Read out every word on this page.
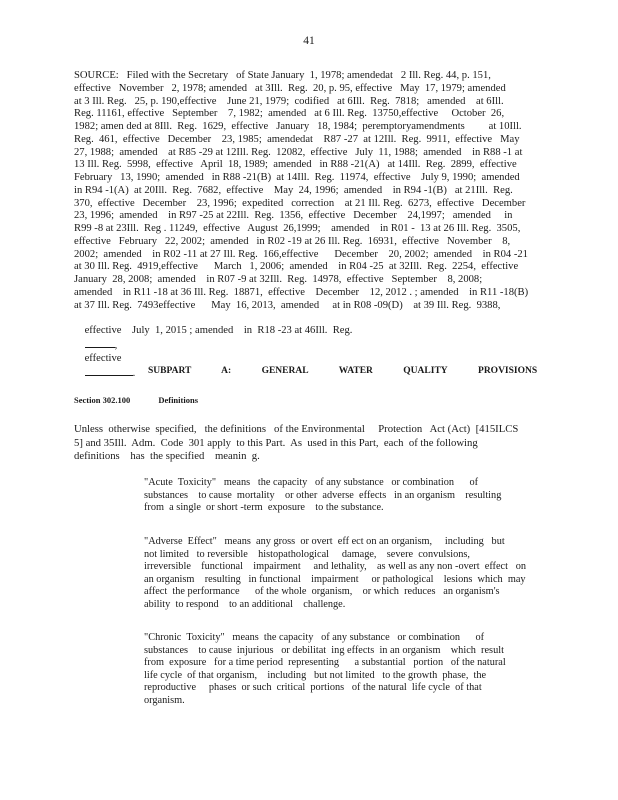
41
SOURCE:   Filed with the Secretary   of State January  1, 1978; amendedat   2 Ill. Reg. 44, p. 151,
effective   November   2, 1978; amended   at 3Ill.  Reg.  20, p. 95, effective   May  17, 1979; amended
at 3 Ill. Reg.   25, p. 190,effective    June 21, 1979;  codified   at 6Ill.  Reg.  7818;   amended    at 6Ill.
Reg. 11161, effective   September    7, 1982;  amended   at 6 Ill. Reg.  13750,effective     October  26,
1982; amen ded at 8Ill.  Reg.  1629,  effective   January   18, 1984;  peremptoryamendments         at 10Ill.
Reg.  461,  effective   December    23, 1985;  amendedat    R87 -27  at 12Ill.  Reg.  9911,  effective   May
27, 1988;  amended    at R85 -29 at 12Ill. Reg.  12082,  effective   July  11, 1988;  amended    in R88 -1 at
13 Ill. Reg.  5998,  effective   April  18, 1989;  amended   in R88 -21(A)   at 14Ill.  Reg.  2899,  effective
February   13, 1990;  amended   in R88 -21(B)  at 14Ill.  Reg.  11974,  effective    July 9, 1990;  amended
in R94 -1(A)  at 20Ill.  Reg.  7682,  effective    May  24, 1996;  amended    in R94 -1(B)   at 21Ill.  Reg.
370,  effective   December    23, 1996;  expedited   correction    at 21 Ill. Reg.  6273,  effective   December
23, 1996;  amended    in R97 -25 at 22Ill.  Reg.  1356,  effective   December    24,1997;   amended     in
R99 -8 at 23Ill.  Reg . 11249,  effective   August  26,1999;    amended    in R01 -  13 at 26 Ill. Reg.  3505,
effective   February   22, 2002;  amended   in R02 -19 at 26 Ill. Reg.  16931,  effective   November    8,
2002;  amended    in R02 -11 at 27 Ill. Reg.  166,effective      December    20, 2002;  amended    in R04 -21
at 30 Ill. Reg.  4919,effective      March   1, 2006;  amended    in R04 -25  at 32Ill.  Reg.  2254,  effective
January  28, 2008;  amended    in R07 -9 at 32Ill.  Reg.  14978,  effective   September    8, 2008;
amended    in R11 -18 at 36 Ill. Reg.  18871,  effective    December    12, 2012 . ; amended    in R11 -18(B)
at 37 Ill. Reg.  7493effective      May  16, 2013,  amended     at in R08 -09(D)    at 39 Ill. Reg.  9388,

effective    July  1, 2015 ; amended    in  R18 -23 at 46Ill.  Reg.
,
effective
.
	SUBPART	A:	GENERAL	WATER	QUALITY	PROVISIONS
Section 302.100	Definitions
Unless  otherwise  specified,   the definitions   of the Environmental     Protection   Act (Act)  [415ILCS
5] and 35Ill.  Adm.  Code  301 apply  to this Part.  As  used in this Part,  each  of the following
definitions    has  the specified    meanin  g.
"Acute  Toxicity"   means   the capacity   of any substance   or combination      of
substances    to cause  mortality    or other  adverse  effects   in an organism    resulting
from  a single  or short -term  exposure    to the substance.
"Adverse  Effect"   means  any gross  or overt  eff ect on an organism,     including   but
not limited   to reversible    histopathological     damage,    severe  convulsions,
irreversible    functional    impairment     and lethality,    as well as any non -overt  effect   on
an organism    resulting   in functional    impairment     or pathological    lesions  which  may
affect  the performance      of the whole  organism,    or which  reduces   an organism's
ability  to respond    to an additional    challenge.
"Chronic  Toxicity"   means  the capacity   of any substance   or combination      of
substances    to cause  injurious   or debilitat  ing effects  in an organism    which  result
from  exposure   for a time period  representing      a substantial   portion   of the natural
life cycle  of that organism,    including   but not limited   to the growth  phase,  the
reproductive     phases  or such  critical  portions   of the natural  life cycle  of that
organism.
